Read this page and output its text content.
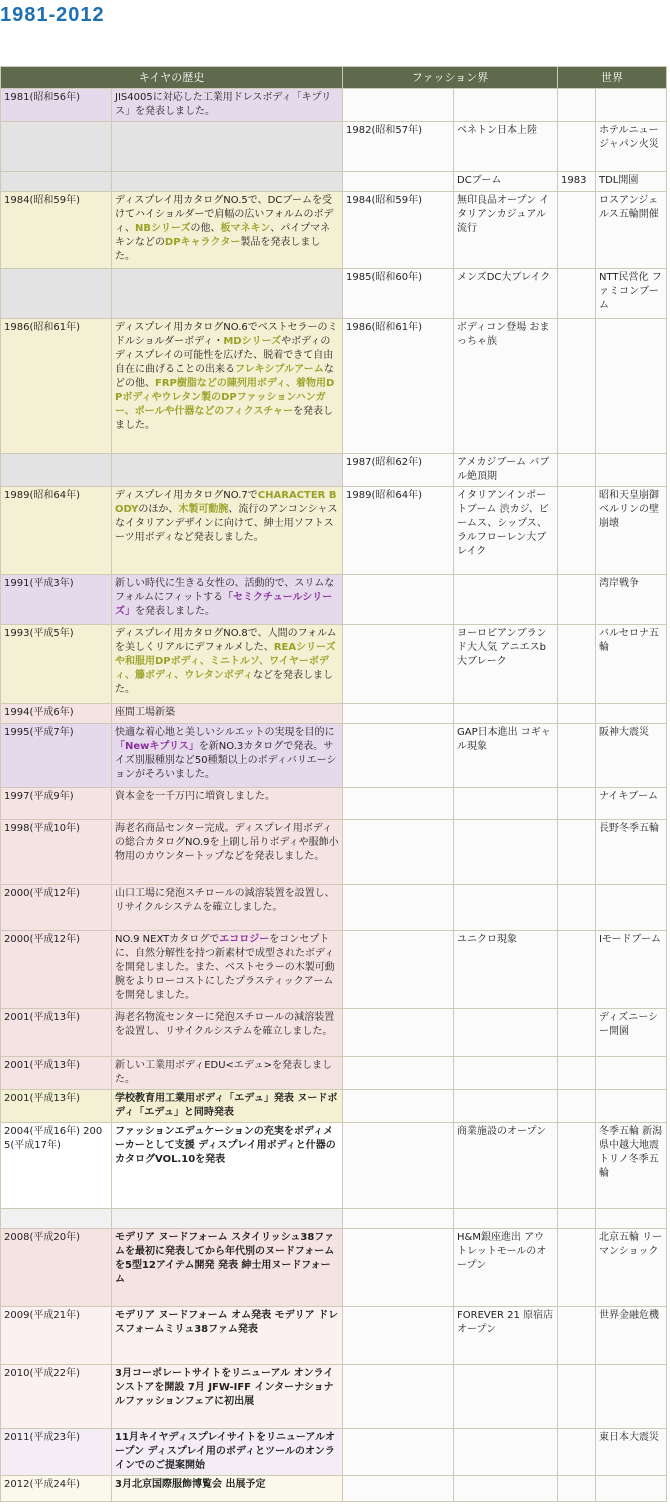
1981-2012
キイヤの歴史		ファッション界		世界	
1981(昭和56年)	JIS4005に対応した工業用ドレスボディ「キプリス」を発表しました。				
		1982(昭和57年)	ベネトン日本上陸		ホテルニュージャパン火災
			DCブーム	1983	TDL開園
1984(昭和59年)	ディスプレイ用カタログNO.5で、DCブームを受けてハイショルダーで肩幅の広いフォルムのボディ、NBシリーズの他、板マネキン、パイプマネキンなどのDPキャラクター製品を発表しました。	1984(昭和59年)	無印良品オープン イタリアンカジュアル流行		ロスアンジェルス五輪開催
		1985(昭和60年)	メンズDC大ブレイク		NTT民営化 ファミコンブーム
1986(昭和61年)	ディスプレイ用カタログNO.6でベストセラーのミドルショルダーボディ・MDシリーズやボディのディスプレイの可能性を広げた、脱着できて自由自在に曲げることの出来るフレキシブルアームなどの他、FRP樹脂などの陳列用ボディ、着物用DPボディやウレタン製のDPファッションハンガー、ポールや什器などのフィクスチャーを発表しました。	1986(昭和61年)	ボディコン登場 おまっちゃ族		
		1987(昭和62年)	アメカジブーム バブル絶頂期		
1989(昭和64年)	ディスプレイ用カタログNO.7でCHARACTER BODYのほか、木製可動腕、流行のアンコンシャスなイタリアンデザインに向けて、紳士用ソフトスーツ用ボディなど発表しました。	1989(昭和64年)	イタリアンインポートブーム 渋カジ、ビームス、シップス、ラルフローレン大ブレイク		昭和天皇崩御 ベルリンの壁崩壊
1991(平成3年)	新しい時代に生きる女性の、活動的で、スリムなフォルムにフィットする「セミクチュールシリーズ」を発表しました。				湾岸戦争
1993(平成5年)	ディスプレイ用カタログNO.8で、人間のフォルムを美しくリアルにデフォルメした、REAシリーズや和服用DPボディ、ミニトルソ、ワイヤーボディ、籐ボディ、ウレタンボディなどを発表しました。		ヨーロピアンブランド大人気 アニエスb大ブレーク		バルセロナ五輪
1994(平成6年)	座間工場新築				
1995(平成7年)	快適な着心地と美しいシルエットの実現を目的に「Newキプリス」を新NO.3カタログで発表。サイズ別服種別など50種類以上のボディバリエーションがそろいました。		GAP日本進出 コギャル現象		阪神大震災
1997(平成9年)	資本金を一千万円に増資しました。				ナイキブーム
1998(平成10年)	海老名商品センター完成。ディスプレイ用ボディの総合カタログNO.9を上刷し吊りボディや服飾小物用のカウンタートップなどを発表しました。				長野冬季五輪
2000(平成12年)	山口工場に発泡スチロールの減溶装置を設置し、リサイクルシステムを確立しました。				
2000(平成12年)	NO.9 NEXTカタログでエコロジーをコンセプトに、自然分解性を持つ新素材で成型されたボディを開発しました。また、ベストセラーの木製可動腕をよりローコストにしたプラスティックアームを開発しました。		ユニクロ現象		Iモードブーム
2001(平成13年)	海老名物流センターに発泡スチロールの減溶装置を設置し、リサイクルシステムを確立しました。				ディズニーシー開園
2001(平成13年)	新しい工業用ボディEDU<エデュ>を発表しました。				
2001(平成13年)	学校教育用工業用ボディ「エデュ」発表 ヌードボディ「エデュ」と同時発表				
2004(平成16年) 2005(平成17年)	ファッションエデュケーションの充実をボディメーカーとして支援 ディスプレイ用ボディと什器のカタログVOL.10を発表		商業施設のオープン		冬季五輪 新潟県中越大地震 トリノ冬季五輪

2008(平成20年)	モデリア ヌードフォーム スタイリッシュ38ファムを最初に発表してから年代別のヌードフォームを5型12アイテム開発 発表 紳士用ヌードフォーム		H&M銀座進出 アウトレットモールのオープン		北京五輪 リーマンショック
2009(平成21年)	モデリア ヌードフォーム オム発表 モデリア ドレスフォームミリュ38ファム発表		FOREVER 21 原宿店オープン		世界金融危機
2010(平成22年)	3月コーポレートサイトをリニューアル オンラインストアを開設 7月 JFW-IFF インターナショナルファッションフェアに初出展				
2011(平成23年)	11月キイヤディスプレイサイトをリニューアルオープン ディスプレイ用のボディとツールのオンラインでのご提案開始				東日本大震災
2012(平成24年)	3月北京国際服飾博覧会 出展予定				
